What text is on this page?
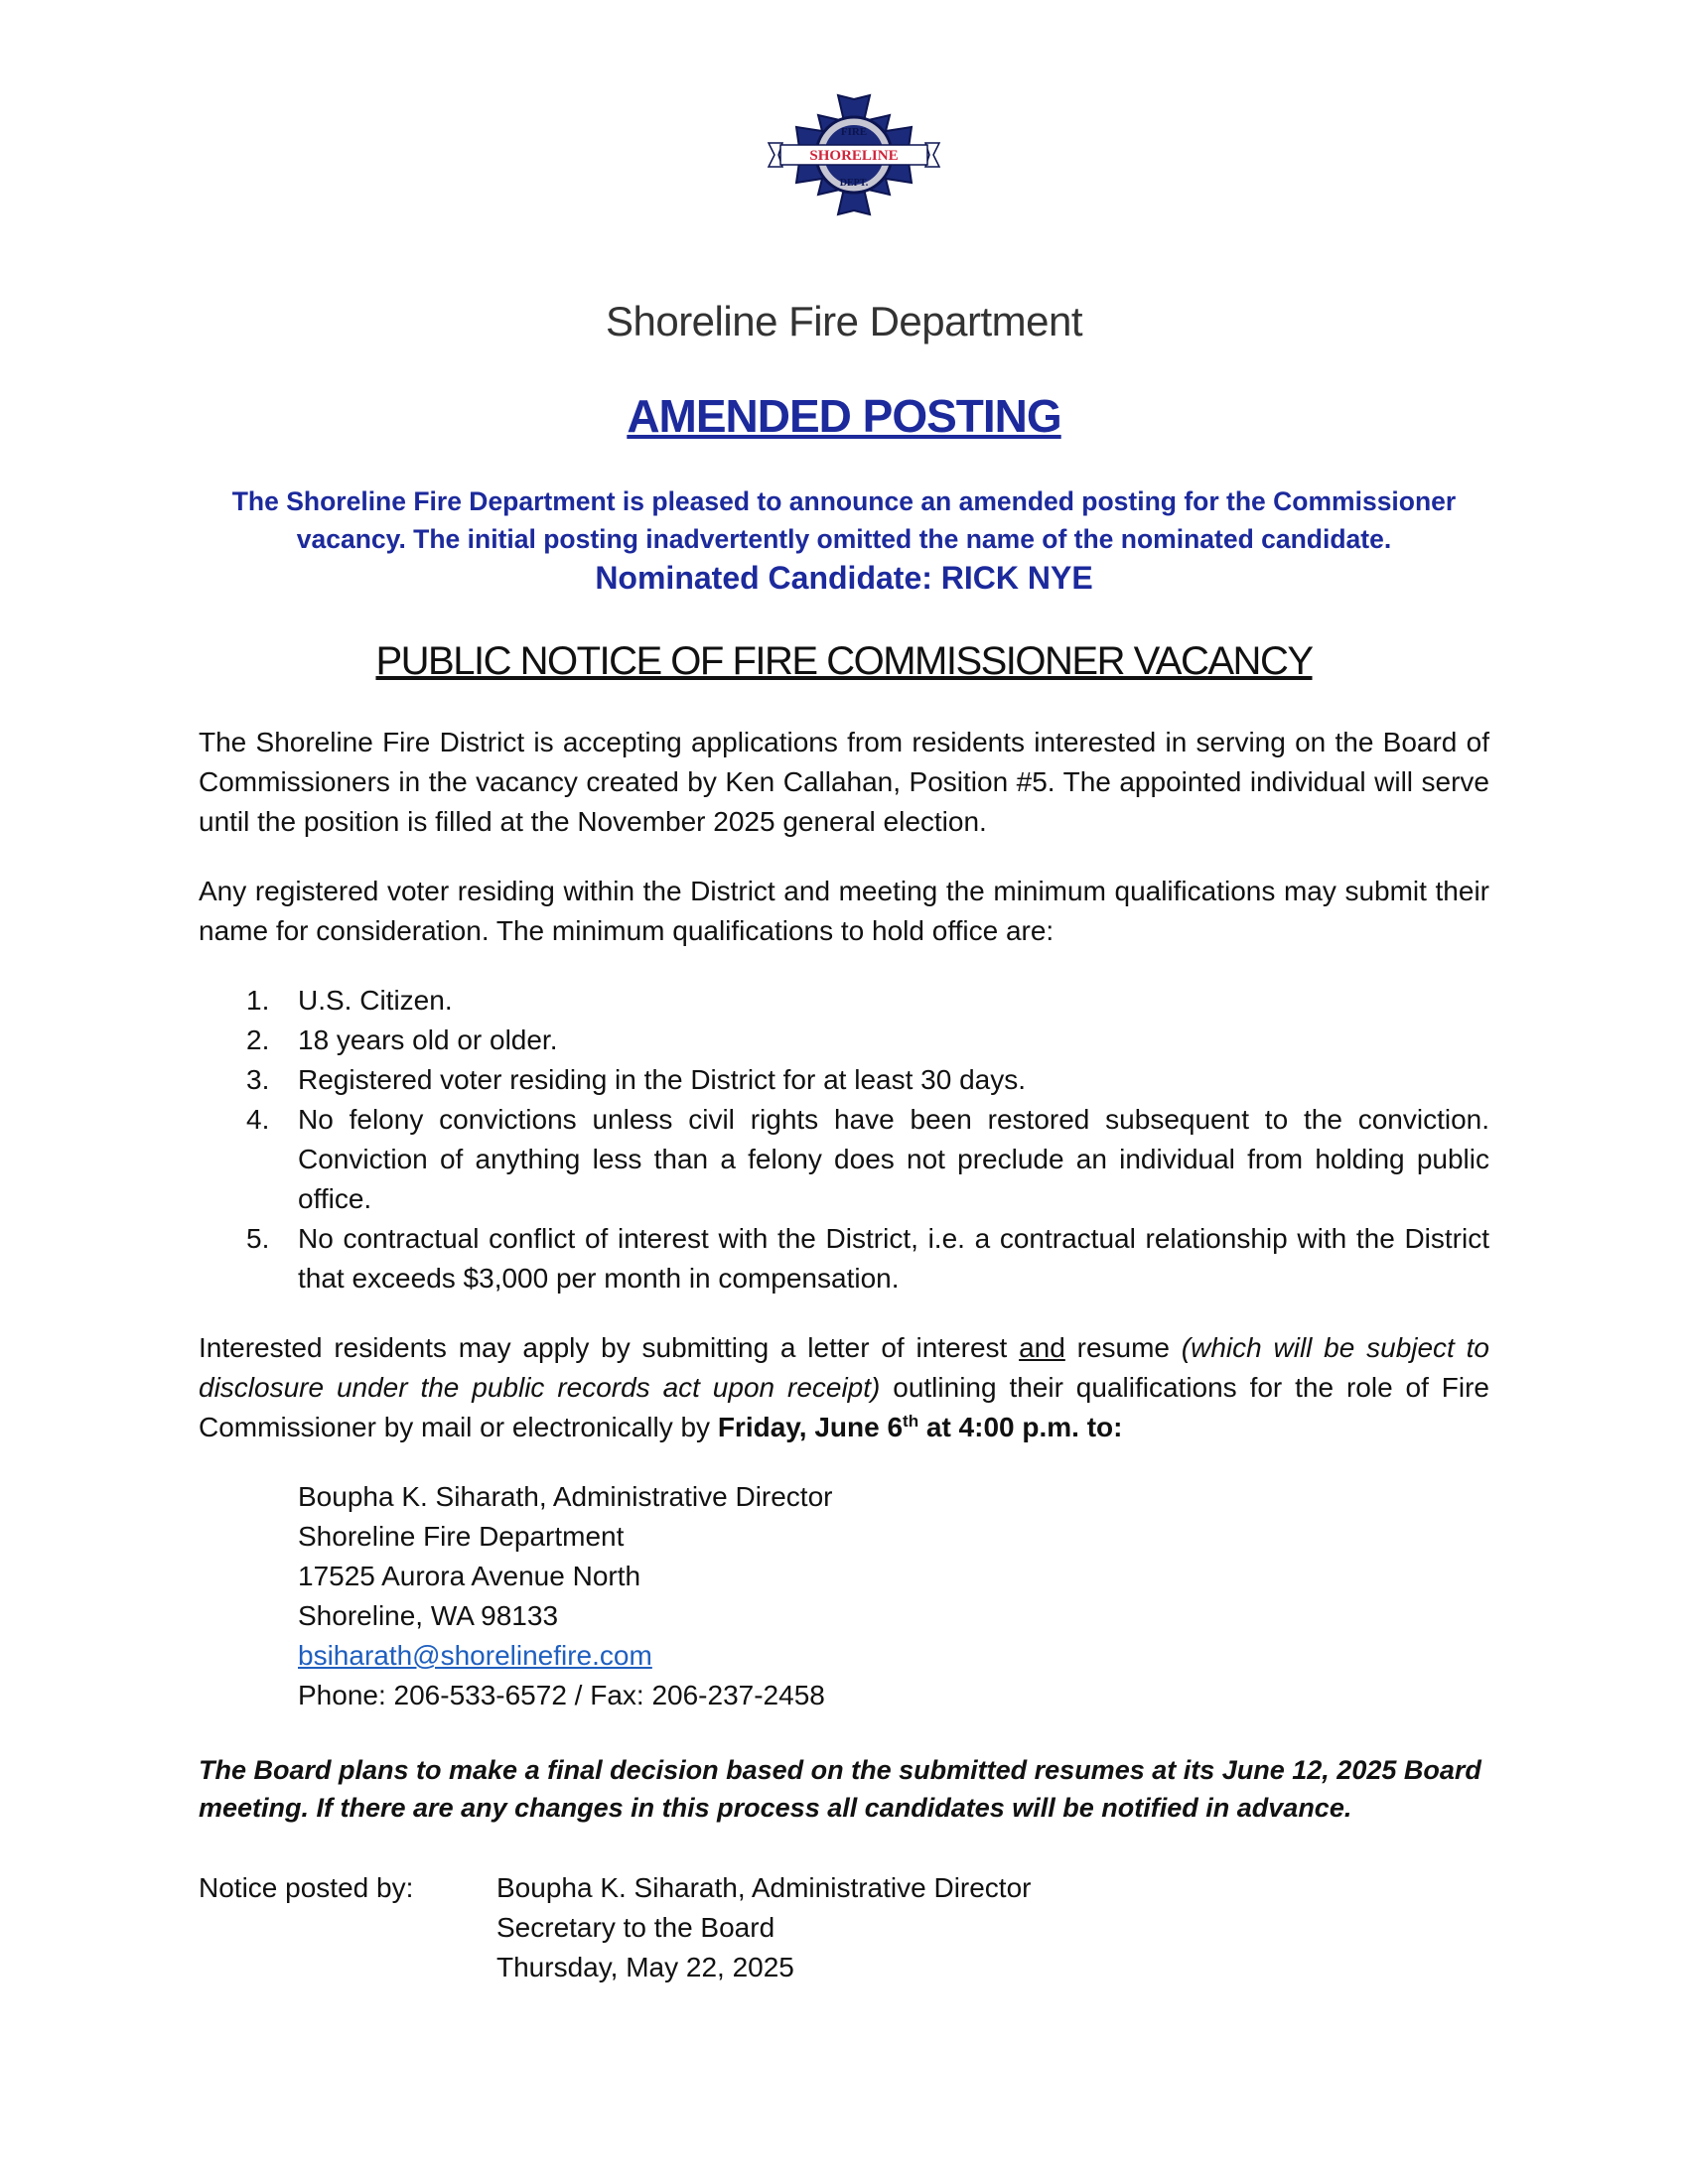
FIRE
DEPT.
SHORELINE
Shoreline Fire Department
AMENDED POSTING
The Shoreline Fire Department is pleased to announce an amended posting for the Commissioner
vacancy. The initial posting inadvertently omitted the name of the nominated candidate.
Nominated Candidate: RICK NYE
PUBLIC NOTICE OF FIRE COMMISSIONER VACANCY
The Shoreline Fire District is accepting applications from residents interested in serving on the Board of Commissioners in the vacancy created by Ken Callahan, Position #5. The appointed individual will serve until the position is filled at the November 2025 general election.
Any registered voter residing within the District and meeting the minimum qualifications may submit their name for consideration. The minimum qualifications to hold office are:
1. U.S. Citizen.
2. 18 years old or older.
3. Registered voter residing in the District for at least 30 days.
4. No felony convictions unless civil rights have been restored subsequent to the conviction. Conviction of anything less than a felony does not preclude an individual from holding public office.
5. No contractual conflict of interest with the District, i.e. a contractual relationship with the District that exceeds $3,000 per month in compensation.
Interested residents may apply by submitting a letter of interest and resume (which will be subject to disclosure under the public records act upon receipt) outlining their qualifications for the role of Fire Commissioner by mail or electronically by Friday, June 6th at 4:00 p.m. to:
Boupha K. Siharath, Administrative Director
Shoreline Fire Department
17525 Aurora Avenue North
Shoreline, WA 98133
bsiharath@shorelinefire.com
Phone: 206-533-6572 / Fax: 206-237-2458
The Board plans to make a final decision based on the submitted resumes at its June 12, 2025 Board meeting. If there are any changes in this process all candidates will be notified in advance.
Notice posted by:	Boupha K. Siharath, Administrative Director
Secretary to the Board
Thursday, May 22, 2025
